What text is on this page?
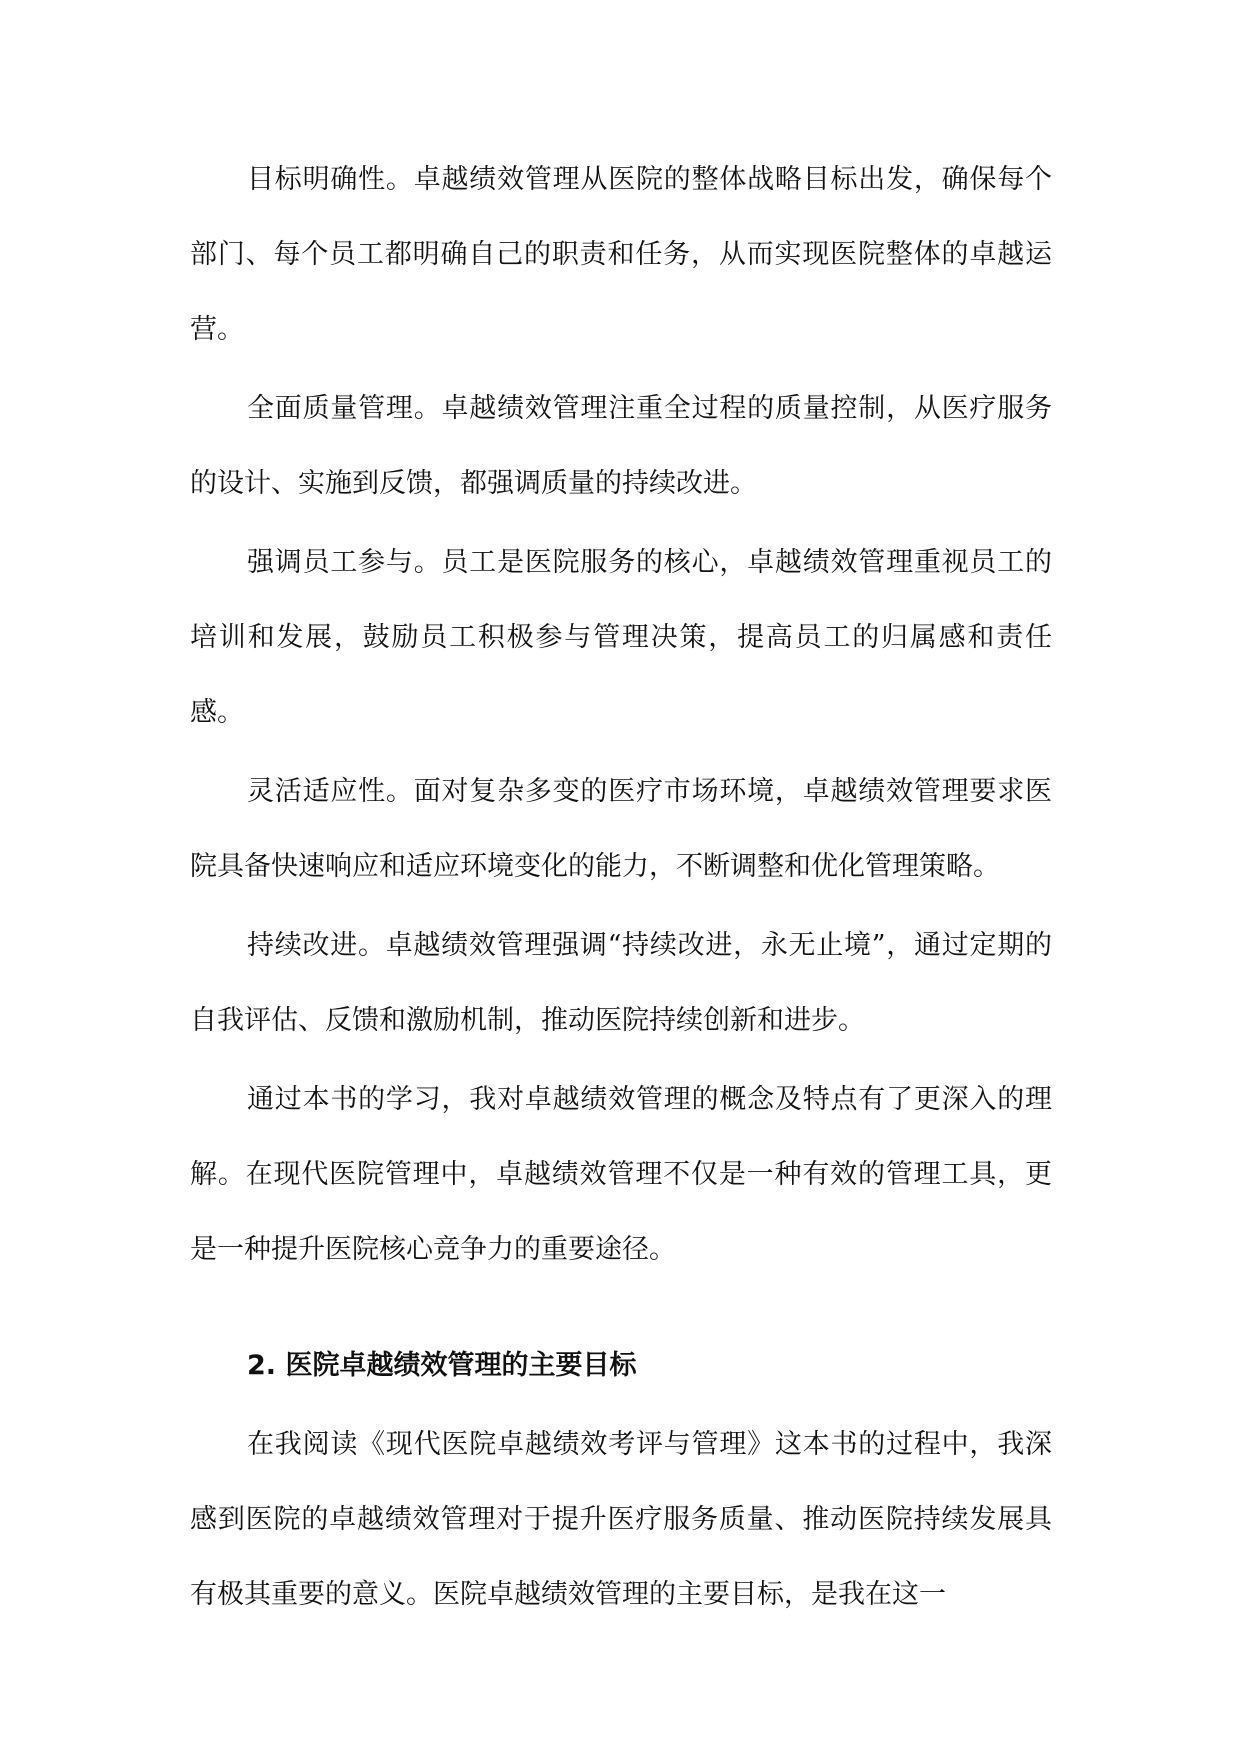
目标明确性。卓越绩效管理从医院的整体战略目标出发，确保每个部门、每个员工都明确自己的职责和任务，从而实现医院整体的卓越运营。

全面质量管理。卓越绩效管理注重全过程的质量控制，从医疗服务的设计、实施到反馈，都强调质量的持续改进。

强调员工参与。员工是医院服务的核心，卓越绩效管理重视员工的培训和发展，鼓励员工积极参与管理决策，提高员工的归属感和责任感。

灵活适应性。面对复杂多变的医疗市场环境，卓越绩效管理要求医院具备快速响应和适应环境变化的能力，不断调整和优化管理策略。

持续改进。卓越绩效管理强调“持续改进，永无止境”，通过定期的自我评估、反馈和激励机制，推动医院持续创新和进步。

通过本书的学习，我对卓越绩效管理的概念及特点有了更深入的理解。在现代医院管理中，卓越绩效管理不仅是一种有效的管理工具，更是一种提升医院核心竞争力的重要途径。

2. 医院卓越绩效管理的主要目标

在我阅读《现代医院卓越绩效考评与管理》这本书的过程中，我深感到医院的卓越绩效管理对于提升医疗服务质量、推动医院持续发展具有极其重要的意义。医院卓越绩效管理的主要目标，是我在这一
